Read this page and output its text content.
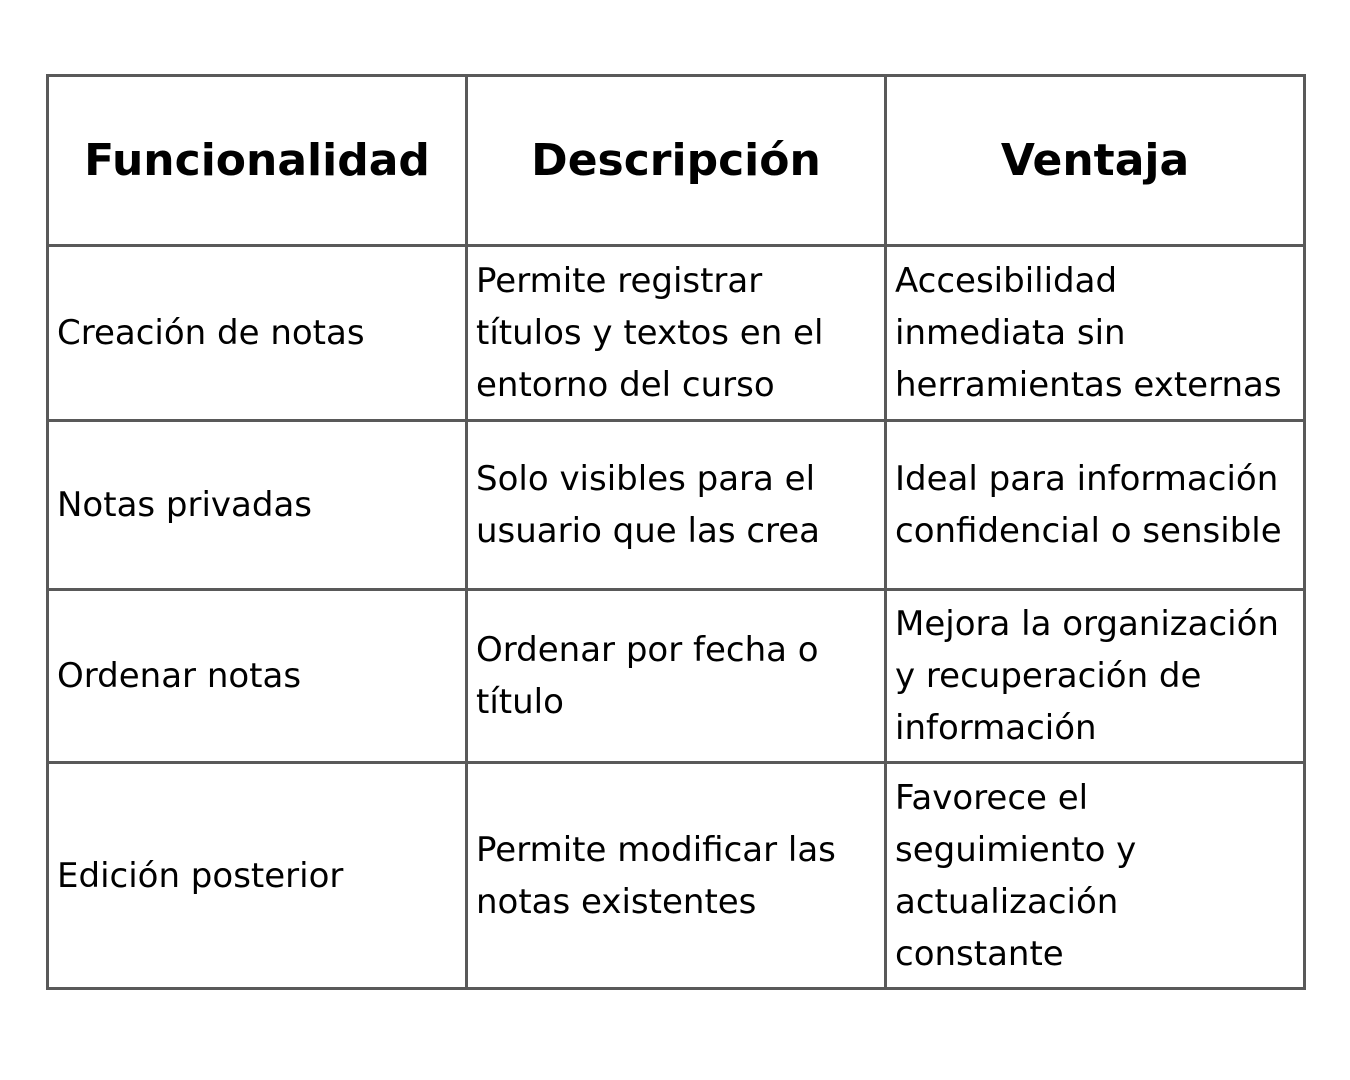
Funcionalidad	Descripción	Ventaja
Creación de notas	Permite registrar títulos y textos en el entorno del curso	Accesibilidad inmediata sin herramientas externas
Notas privadas	Solo visibles para el usuario que las crea	Ideal para información confidencial o sensible
Ordenar notas	Ordenar por fecha o título	Mejora la organización y recuperación de información
Edición posterior	Permite modificar las notas existentes	Favorece el seguimiento y actualización constante
